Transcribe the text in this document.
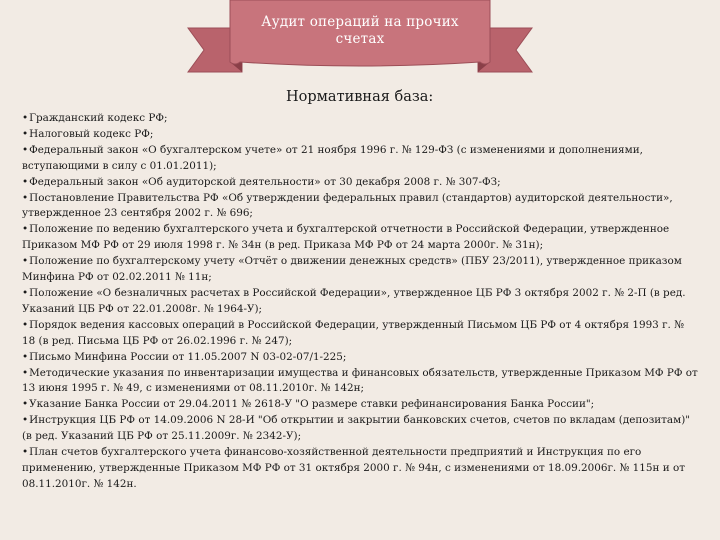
Аудит операций на прочих счетах
Нормативная база:
•Гражданский кодекс РФ;
•Налоговый кодекс РФ;
•Федеральный закон «О бухгалтерском учете» от 21 ноября 1996 г. № 129-ФЗ (с изменениями и дополнениями, вступающими в силу с 01.01.2011);
•Федеральный закон «Об аудиторской деятельности» от 30 декабря 2008 г. № 307-ФЗ;
•Постановление Правительства РФ «Об утверждении федеральных правил (стандартов) аудиторской деятельности», утвержденное 23 сентября 2002 г. № 696;
•Положение по ведению бухгалтерского учета и бухгалтерской отчетности в Российской Федерации, утвержденное Приказом МФ РФ от 29 июля 1998 г. № 34н (в ред. Приказа МФ РФ от 24 марта 2000г. № 31н);
•Положение по бухгалтерскому учету «Отчёт о движении денежных средств» (ПБУ 23/2011), утвержденное приказом Минфина РФ от 02.02.2011 № 11н;
•Положение «О безналичных расчетах в Российской Федерации», утвержденное ЦБ РФ 3 октября 2002 г. № 2-П (в ред. Указаний ЦБ РФ от 22.01.2008г. № 1964-У);
•Порядок ведения кассовых операций в Российской Федерации, утвержденный Письмом ЦБ РФ от 4 октября 1993 г. № 18 (в ред. Письма ЦБ РФ от 26.02.1996 г. № 247);
•Письмо Минфина России от 11.05.2007 N 03-02-07/1-225;
•Методические указания по инвентаризации имущества и финансовых обязательств, утвержденные Приказом МФ РФ от 13 июня 1995 г. № 49, с изменениями от 08.11.2010г. № 142н;
•Указание Банка России от 29.04.2011 № 2618-У "О размере ставки рефинансирования Банка России";
•Инструкция ЦБ РФ от 14.09.2006 N 28-И "Об открытии и закрытии банковских счетов, счетов по вкладам (депозитам)" (в ред. Указаний ЦБ РФ от 25.11.2009г. № 2342-У);
•План счетов бухгалтерского учета финансово-хозяйственной деятельности предприятий и Инструкция по его применению, утвержденные Приказом МФ РФ от 31 октября 2000 г. № 94н, с изменениями от 18.09.2006г. № 115н и от 08.11.2010г. № 142н.
